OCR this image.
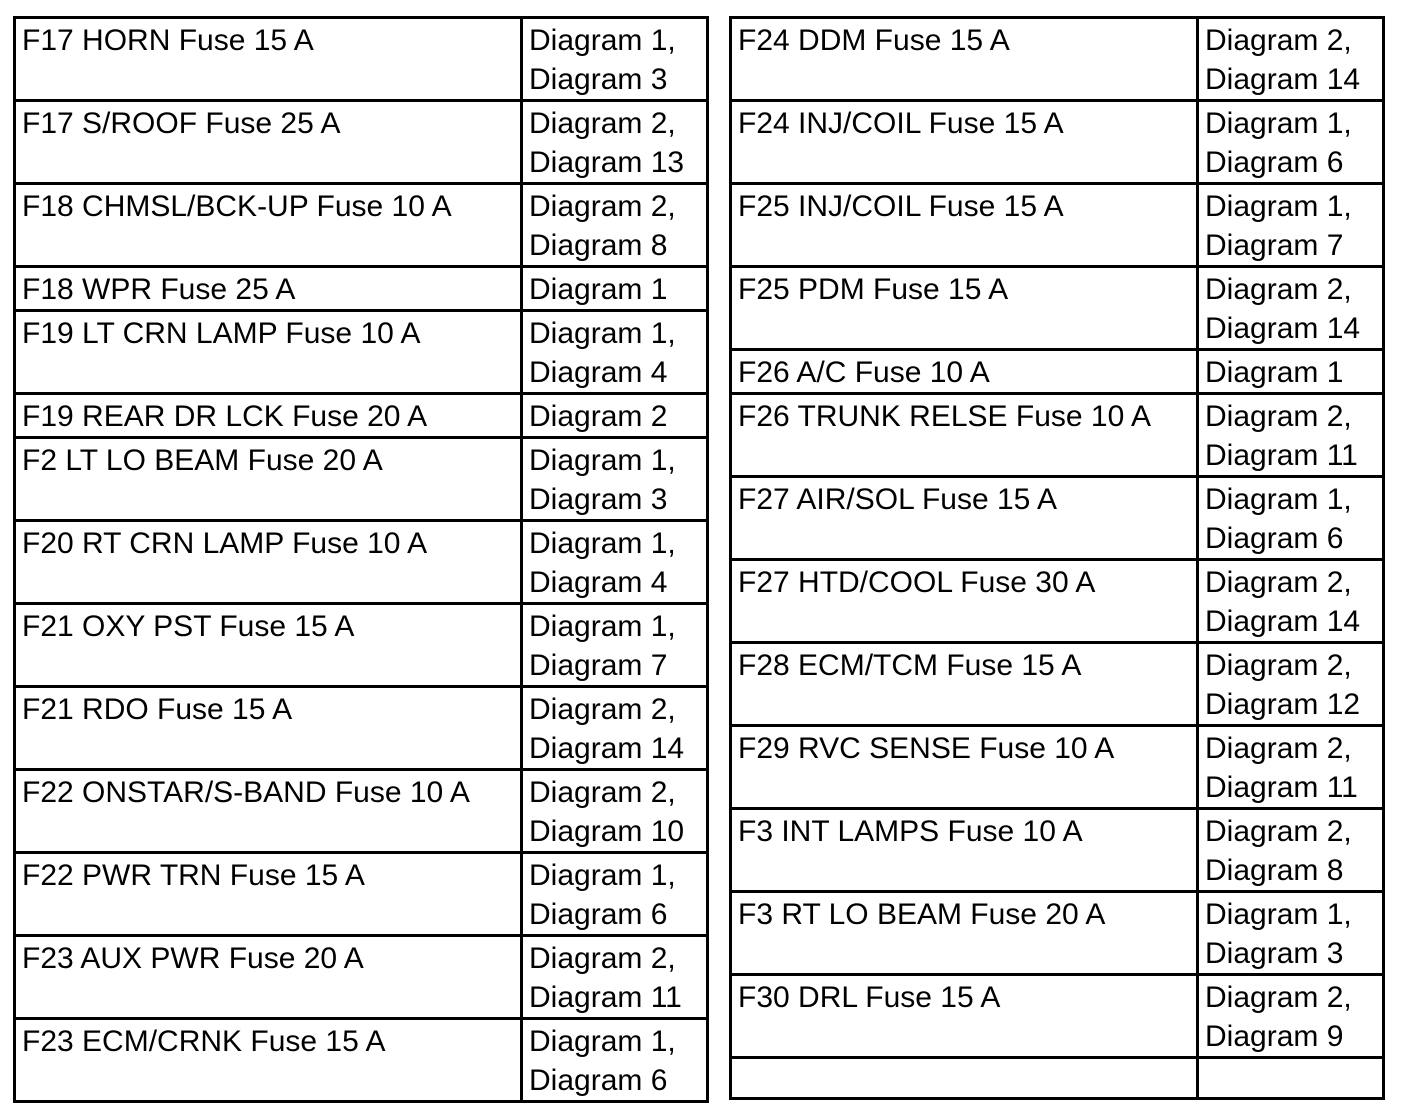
F17 HORN Fuse 15 A	Diagram 1, Diagram 3
F17 S/ROOF Fuse 25 A	Diagram 2, Diagram 13
F18 CHMSL/BCK-UP Fuse 10 A	Diagram 2, Diagram 8
F18 WPR Fuse 25 A	Diagram 1
F19 LT CRN LAMP Fuse 10 A	Diagram 1, Diagram 4
F19 REAR DR LCK Fuse 20 A	Diagram 2
F2 LT LO BEAM Fuse 20 A	Diagram 1, Diagram 3
F20 RT CRN LAMP Fuse 10 A	Diagram 1, Diagram 4
F21 OXY PST Fuse 15 A	Diagram 1, Diagram 7
F21 RDO Fuse 15 A	Diagram 2, Diagram 14
F22 ONSTAR/S-BAND Fuse 10 A	Diagram 2, Diagram 10
F22 PWR TRN Fuse 15 A	Diagram 1, Diagram 6
F23 AUX PWR Fuse 20 A	Diagram 2, Diagram 11
F23 ECM/CRNK Fuse 15 A	Diagram 1, Diagram 6
F24 DDM Fuse 15 A	Diagram 2, Diagram 14
F24 INJ/COIL Fuse 15 A	Diagram 1, Diagram 6
F25 INJ/COIL Fuse 15 A	Diagram 1, Diagram 7
F25 PDM Fuse 15 A	Diagram 2, Diagram 14
F26 A/C Fuse 10 A	Diagram 1
F26 TRUNK RELSE Fuse 10 A	Diagram 2, Diagram 11
F27 AIR/SOL Fuse 15 A	Diagram 1, Diagram 6
F27 HTD/COOL Fuse 30 A	Diagram 2, Diagram 14
F28 ECM/TCM Fuse 15 A	Diagram 2, Diagram 12
F29 RVC SENSE Fuse 10 A	Diagram 2, Diagram 11
F3 INT LAMPS Fuse 10 A	Diagram 2, Diagram 8
F3 RT LO BEAM Fuse 20 A	Diagram 1, Diagram 3
F30 DRL Fuse 15 A	Diagram 2, Diagram 9
